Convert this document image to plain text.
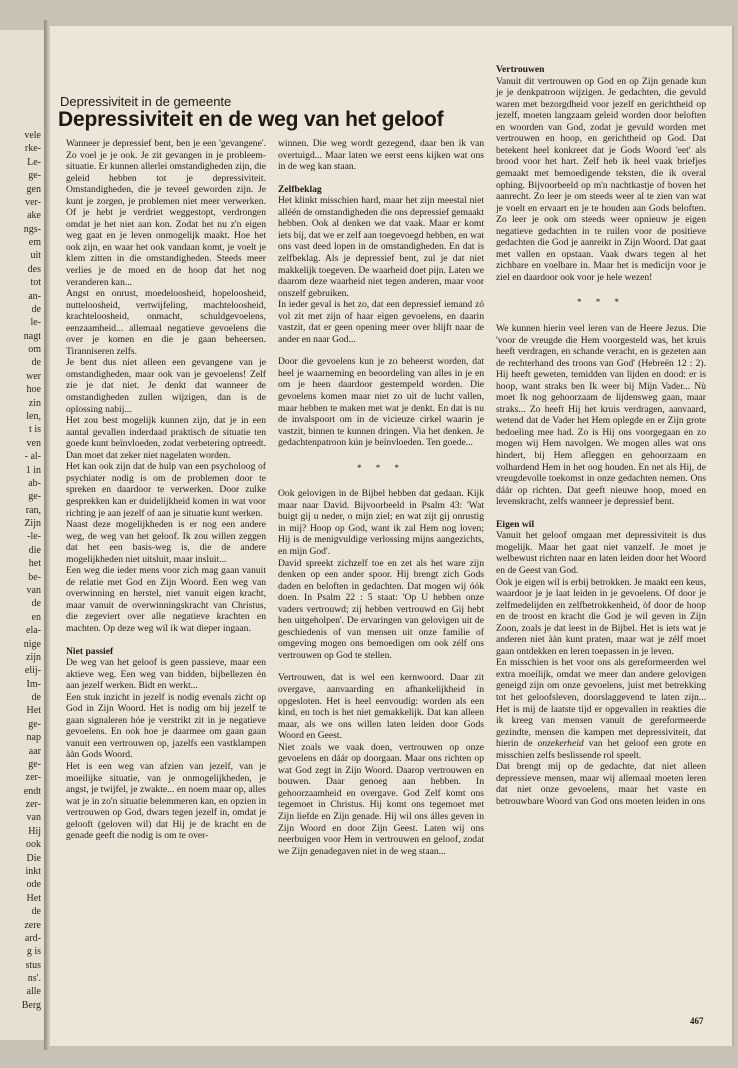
vele
rke-
Le-
ge-
gen
ver-
ake
ngs-
em
uit
des
tot
an-
de
le-
nagt
om
de
wer
hoe
zin
len,
t is
ven
- al-
1 in
ab-
ge-
ran,
Zijn
-le-
die
het
be-
van
de
en
ela-
nige
zijn
elij-
Im-
de
Het
ge-
nap
aar
ge-
zer-
endt
zer-
van
Hij
ook
Die
inkt
ode
Het
de
zere
ard-
g is
stus
ns'.
alle
Berg
Depressiviteit in de gemeente
Depressiviteit en de weg van het geloof

Wanneer je depressief bent, ben je een 'gevangene'. Zo voel je je ook. Je zit gevangen in je probleem-situatie. Er kunnen allerlei omstandigheden zijn, die geleid hebben tot je depressiviteit. Omstandigheden, die je teveel geworden zijn. Je kunt je zorgen, je problemen niet meer verwerken. Of je hebt je verdriet weggestopt, verdrongen omdat je het niet aan kon. Zodat het nu z'n eigen weg gaat en je leven onmogelijk maakt. Hoe het ook zijn, en waar het ook vandaan komt, je voelt je klem zitten in die omstandigheden. Steeds meer verlies je de moed en de hoop dat het nog veranderen kan...

Angst en onrust, moedeloosheid, hopeloosheid, nutteloosheid, vertwijfeling, machteloosheid, krachteloosheid, onmacht, schuldgevoelens, eenzaamheid... allemaal negatieve gevoelens die over je komen en die je gaan beheersen. Tiranniseren zelfs.

Je bent dus niet alleen een gevangene van je omstandigheden, maar ook van je gevoelens! Zelf zie je dat niet. Je denkt dat wanneer de omstandigheden zullen wijzigen, dan is de oplossing nabij...

Het zou best mogelijk kunnen zijn, dat je in een aantal gevallen inderdaad praktisch de situatie ten goede kunt beïnvloeden, zodat verbetering optreedt. Dan moet dat zeker niet nagelaten worden.

Het kan ook zijn dat de hulp van een psycholoog of psychiater nodig is om de problemen door te spreken en daardoor te verwerken. Door zulke gesprekken kan er duidelijkheid komen in wat voor richting je aan jezelf of aan je situatie kunt werken.

Naast deze mogelijkheden is er nog een andere weg, de weg van het geloof. Ik zou willen zeggen dat het een basis-weg is, die de andere mogelijkheden niet uitsluit, maar insluit...

Een weg die ieder mens voor zich mag gaan vanuit de relatie met God en Zijn Woord. Een weg van overwinning en herstel, niet vanuit eigen kracht, maar vanuit de overwinningskracht van Christus, die zegeviert over alle negatieve krachten en machten. Op deze weg wil ik wat dieper ingaan.

Niet passief

De weg van het geloof is geen passieve, maar een aktieve weg. Een weg van bidden, bijbellezen én aan jezelf werken. Bidt en werkt...

Een stuk inzicht in jezelf is nodig evenals zicht op God in Zijn Woord. Het is nodig om bij jezelf te gaan signaleren hóe je verstrikt zit in je negatieve gevoelens. En ook hoe je daarmee om gaan gaan vanuit een vertrouwen op, jazelfs een vastklampen ààn Gods Woord.

Het is een weg van afzien van jezelf, van je moeilijke situatie, van je onmogelijkheden, je angst, je twijfel, je zwakte... en noem maar op, alles wat je in zo'n situatie belemmeren kan, en opzien in vertrouwen op God, dwars tegen jezelf in, omdat je gelooft (geloven wil) dat Hij je de kracht en de genade geeft die nodig is om te over-

winnen. Die weg wordt gezegend, daar ben ik van overtuigd... Maar laten we eerst eens kijken wat ons in de weg kan staan.

Zelfbeklag

Het klinkt misschien hard, maar het zijn meestal niet alléén de omstandigheden die ons depressief gemaakt hebben. Ook al denken we dat vaak. Maar er komt iets bij, dat we er zelf aan toegevoegd hebben, en wat ons vast deed lopen in de omstandigheden. En dat is zelfbeklag. Als je depressief bent, zul je dat niet makkelijk toegeven. De waarheid doet pijn. Laten we daarom deze waarheid niet tegen anderen, maar voor onszelf gebruiken.

In ieder geval is het zo, dat een depressief iemand zó vol zit met zijn of haar eigen gevoelens, en daarin vastzit, dat er geen opening meer over blijft naar de ander en naar God...

Door die gevoelens kun je zo beheerst worden, dat heel je waarneming en beoordeling van alles in je en om je heen daardoor gestempeld worden. Die gevoelens komen maar niet zo uit de lucht vallen, maar hebben te maken met wat je denkt. En dat is nu de invalspoort om in de vicieuze cirkel waarin je vastzit, binnen te kunnen dringen. Via het denken. Je gedachtenpatroon kún je beïnvloeden. Ten goede...

* * *

Ook gelovigen in de Bijbel hebben dat gedaan. Kijk maar naar David. Bijvoorbeeld in Psalm 43: 'Wat buigt gij u neder, o mijn ziel; en wat zijt gij onrustig in mij? Hoop op God, want ik zal Hem nog loven; Hij is de menigvuldige verlossing mijns aangezichts, en mijn God'.

David spreekt zichzelf toe en zet als het ware zijn denken op een ander spoor. Hij brengt zich Gods daden en beloften in gedachten. Dat mogen wij óók doen. In Psalm 22 : 5 staat: 'Op U hebben onze vaders vertrouwd; zij hebben vertrouwd en Gij hebt hen uitgeholpen'. De ervaringen van gelovigen uit de geschiedenis of van mensen uit onze familie of omgeving mogen ons bemoedigen om ook zélf ons vertrouwen op God te stellen.

Vertrouwen, dat is wel een kernwoord. Daar zit overgave, aanvaarding en afhankelijkheid in opgesloten. Het is heel eenvoudig: worden als een kind, en toch is het niet gemakkelijk. Dat kan alleen maar, als we ons willen laten leiden door Gods Woord en Geest.

Niet zoals we vaak doen, vertrouwen op onze gevoelens en dáár op doorgaan. Maar ons richten op wat God zegt in Zijn Woord. Daarop vertrouwen en bouwen. Daar genoeg aan hebben. In gehoorzaamheid en overgave. God Zelf komt ons tegemoet in Christus. Hij komt ons tegemoet met Zijn liefde en Zijn genade. Hij wil ons álles geven in Zijn Woord en door Zijn Geest. Laten wij ons neerbuigen voor Hem in vertrouwen en geloof, zodat we Zijn genadegaven niet in de weg staan...

Vertrouwen

Vanuit dit vertrouwen op God en op Zijn genade kun je je denkpatroon wijzigen. Je gedachten, die gevuld waren met bezorgdheid voor jezelf en gerichtheid op jezelf, moeten langzaam geleid worden door beloften en woorden van God, zodat je gevuld worden met vertrouwen en hoop, en gerichtheid op God. Dat betekent heel konkreet dat je Gods Woord 'eet' als brood voor het hart. Zelf heb ik heel vaak briefjes gemaakt met bemoedigende teksten, die ik overal ophing. Bijvoorbeeld op m'n nachtkastje of boven het aanrecht. Zo leer je om steeds weer al te zien van wat je voelt en ervaart en je te houden aan Gods beloften. Zo leer je ook om steeds weer opnieuw je eigen negatieve gedachten in te ruilen voor de positieve gedachten die God je aanreikt in Zijn Woord. Dat gaat met vallen en opstaan. Vaak dwars tegen al het zichbare en voelbare in. Maar het is medicijn voor je ziel en daardoor ook voor je hele wezen!

* * *

We kunnen hierin veel leren van de Heere Jezus. Die 'voor de vreugde die Hem voorgesteld was, het kruis heeft verdragen, en schande veracht, en is gezeten aan de rechterhand des troons van God' (Hebreën 12 : 2). Hij heeft geweten, temidden van lijden en dood: er is hoop, want straks ben Ik weer bij Mijn Vader... Nù moet Ik nog gehoorzaam de lijdensweg gaan, maar straks... Zo heeft Hij het kruis verdragen, aanvaard, wetend dat de Vader het Hem oplegde en er Zijn grote bedoeling mee had. Zo is Hij ons voorgegaan en zo mogen wij Hem navolgen. We mogen alles wat ons hindert, bij Hem afleggen en gehoorzaam en volhardend Hem in het oog houden. En net als Hij, de vreugdevolle toekomst in onze gedachten nemen. Ons dáár op richten. Dat geeft nieuwe hoop, moed en levenskracht, zelfs wanneer je depressief bent.

Eigen wil

Vanuit het geloof omgaan met depressiviteit is dus mogelijk. Maar het gaat niet vanzelf. Je moet je welbewust richten naar en laten leiden door het Woord en de Geest van God.

Ook je eigen wil is erbij betrokken. Je maakt een keus, waardoor je je laat leiden in je gevoelens. Of door je zelfmedelijden en zelfbetrokkenheid, òf door de hoop en de troost en kracht die God je wil geven in Zijn Zoon, zoals je dat leest in de Bijbel. Het is iets wat je anderen niet ààn kunt praten, maar wat je zélf moet gaan ontdekken en leren toepassen in je leven.

En misschien is het voor ons als gereformeerden wel extra moeilijk, omdat we meer dan andere gelovigen geneigd zijn om onze gevoelens, juist met betrekking tot het geloofsleven, doorslaggevend te laten zijn... Het is mij de laatste tijd er opgevallen in reakties die ik kreeg van mensen vanuit de gereformeerde gezindte, mensen die kampen met depressiviteit, dat hierin de onzekerheid van het geloof een grote en misschien zelfs beslissende rol speelt.

Dat brengt mij op de gedachte, dat niet alleen depressieve mensen, maar wij allemaal moeten leren dat niet onze gevoelens, maar het vaste en betrouwbare Woord van God ons moeten leiden in ons

467
